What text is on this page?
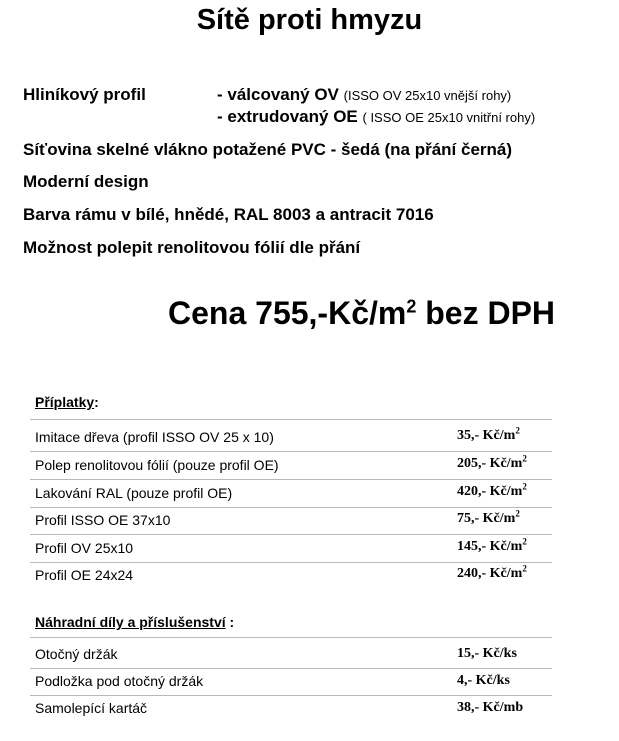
Sítě proti hmyzu
Hliníkový profil	- válcovaný OV (ISSO OV 25x10 vnější rohy)
- extrudovaný OE ( ISSO OE 25x10 vnitřní rohy)
Síťovina skelné vlákno potažené PVC - šedá (na přání černá)
Moderní design
Barva rámu v bílé, hnědé, RAL 8003 a antracit 7016
Možnost polepit renolitovou fólií dle přání
Cena $755,-Kč/m^2$ bez DPH
Příplatky:
Imitace dřeva (profil ISSO OV 25 x 10)	35,- $Kč/m^2$
Polep renolitovou fólií (pouze profil OE)	205,- $Kč/m^2$
Lakování RAL (pouze profil OE)	420,- $Kč/m^2$
Profil ISSO OE 37x10	75,- $Kč/m^2$
Profil OV 25x10	145,- $Kč/m^2$
Profil OE 24x24	240,- $Kč/m^2$
Náhradní díly a příslušenství :
Otočný držák	15,- Kč/ks
Podložka pod otočný držák	4,- Kč/ks
Samolepící kartáč	38,- Kč/mb
